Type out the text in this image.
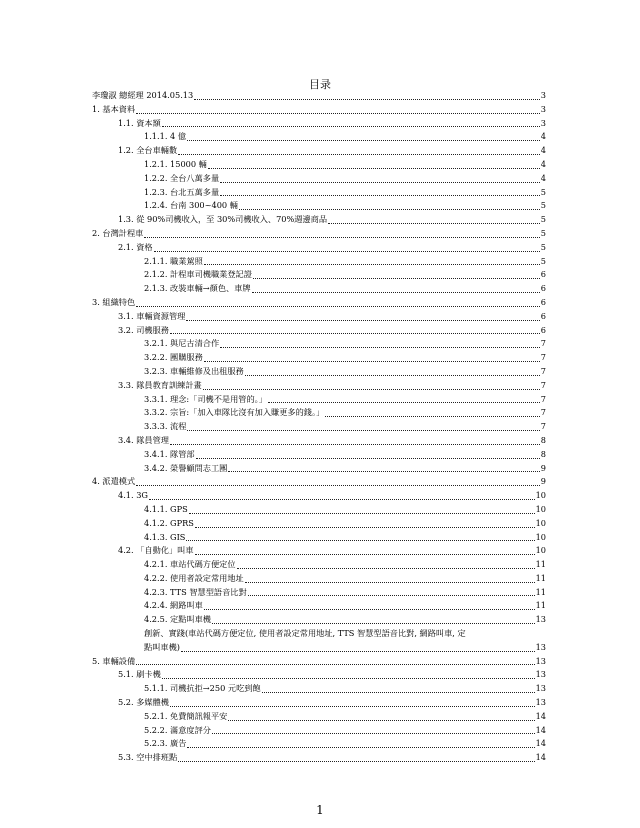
目录
李瓊淑 總經理 2014.05.13	3
1. 基本資料	3
1.1. 資本額	3
1.1.1. 4 億	4
1.2. 全台車輛數	4
1.2.1. 15000 輛	4
1.2.2. 全台八萬多量	4
1.2.3. 台北五萬多量	5
1.2.4. 台南 300~400 輛	5
1.3. 從 90%司機收入，至 30%司機收入、70%週邊商品	5
2. 台灣計程車	5
2.1. 資格	5
2.1.1. 職業駕照	5
2.1.2. 計程車司機職業登記證	6
2.1.3. 改裝車輛→顏色、車牌	6
3. 組織特色	6
3.1. 車輛資源管理	6
3.2. 司機服務	6
3.2.1. 與尼古清合作	7
3.2.2. 團購服務	7
3.2.3. 車輛維修及出租服務	7
3.3. 隊員教育訓練計畫	7
3.3.1. 理念:「司機不是用管的。」	7
3.3.2. 宗旨:「加入車隊比沒有加入賺更多的錢。」	7
3.3.3. 流程	7
3.4. 隊員管理	8
3.4.1. 隊管部	8
3.4.2. 榮譽顧問志工團	9
4. 派遣模式	9
4.1. 3G	10
4.1.1. GPS	10
4.1.2. GPRS	10
4.1.3. GIS	10
4.2. 「自動化」叫車	10
4.2.1. 車站代碼方便定位	11
4.2.2. 使用者設定常用地址	11
4.2.3. TTS 智慧型語音比對	11
4.2.4. 網路叫車	11
4.2.5. 定點叫車機	13
創新、實踐(車站代碼方便定位, 使用者設定常用地址, TTS 智慧型語音比對, 網路叫車, 定
點叫車機)	13
5. 車輛設備	13
5.1. 刷卡機	13
5.1.1. 司機抗拒→250 元吃到飽	13
5.2. 多媒體機	13
5.2.1. 免費簡訊報平安	14
5.2.2. 滿意度評分	14
5.2.3. 廣告	14
5.3. 空中排班點	14
1
